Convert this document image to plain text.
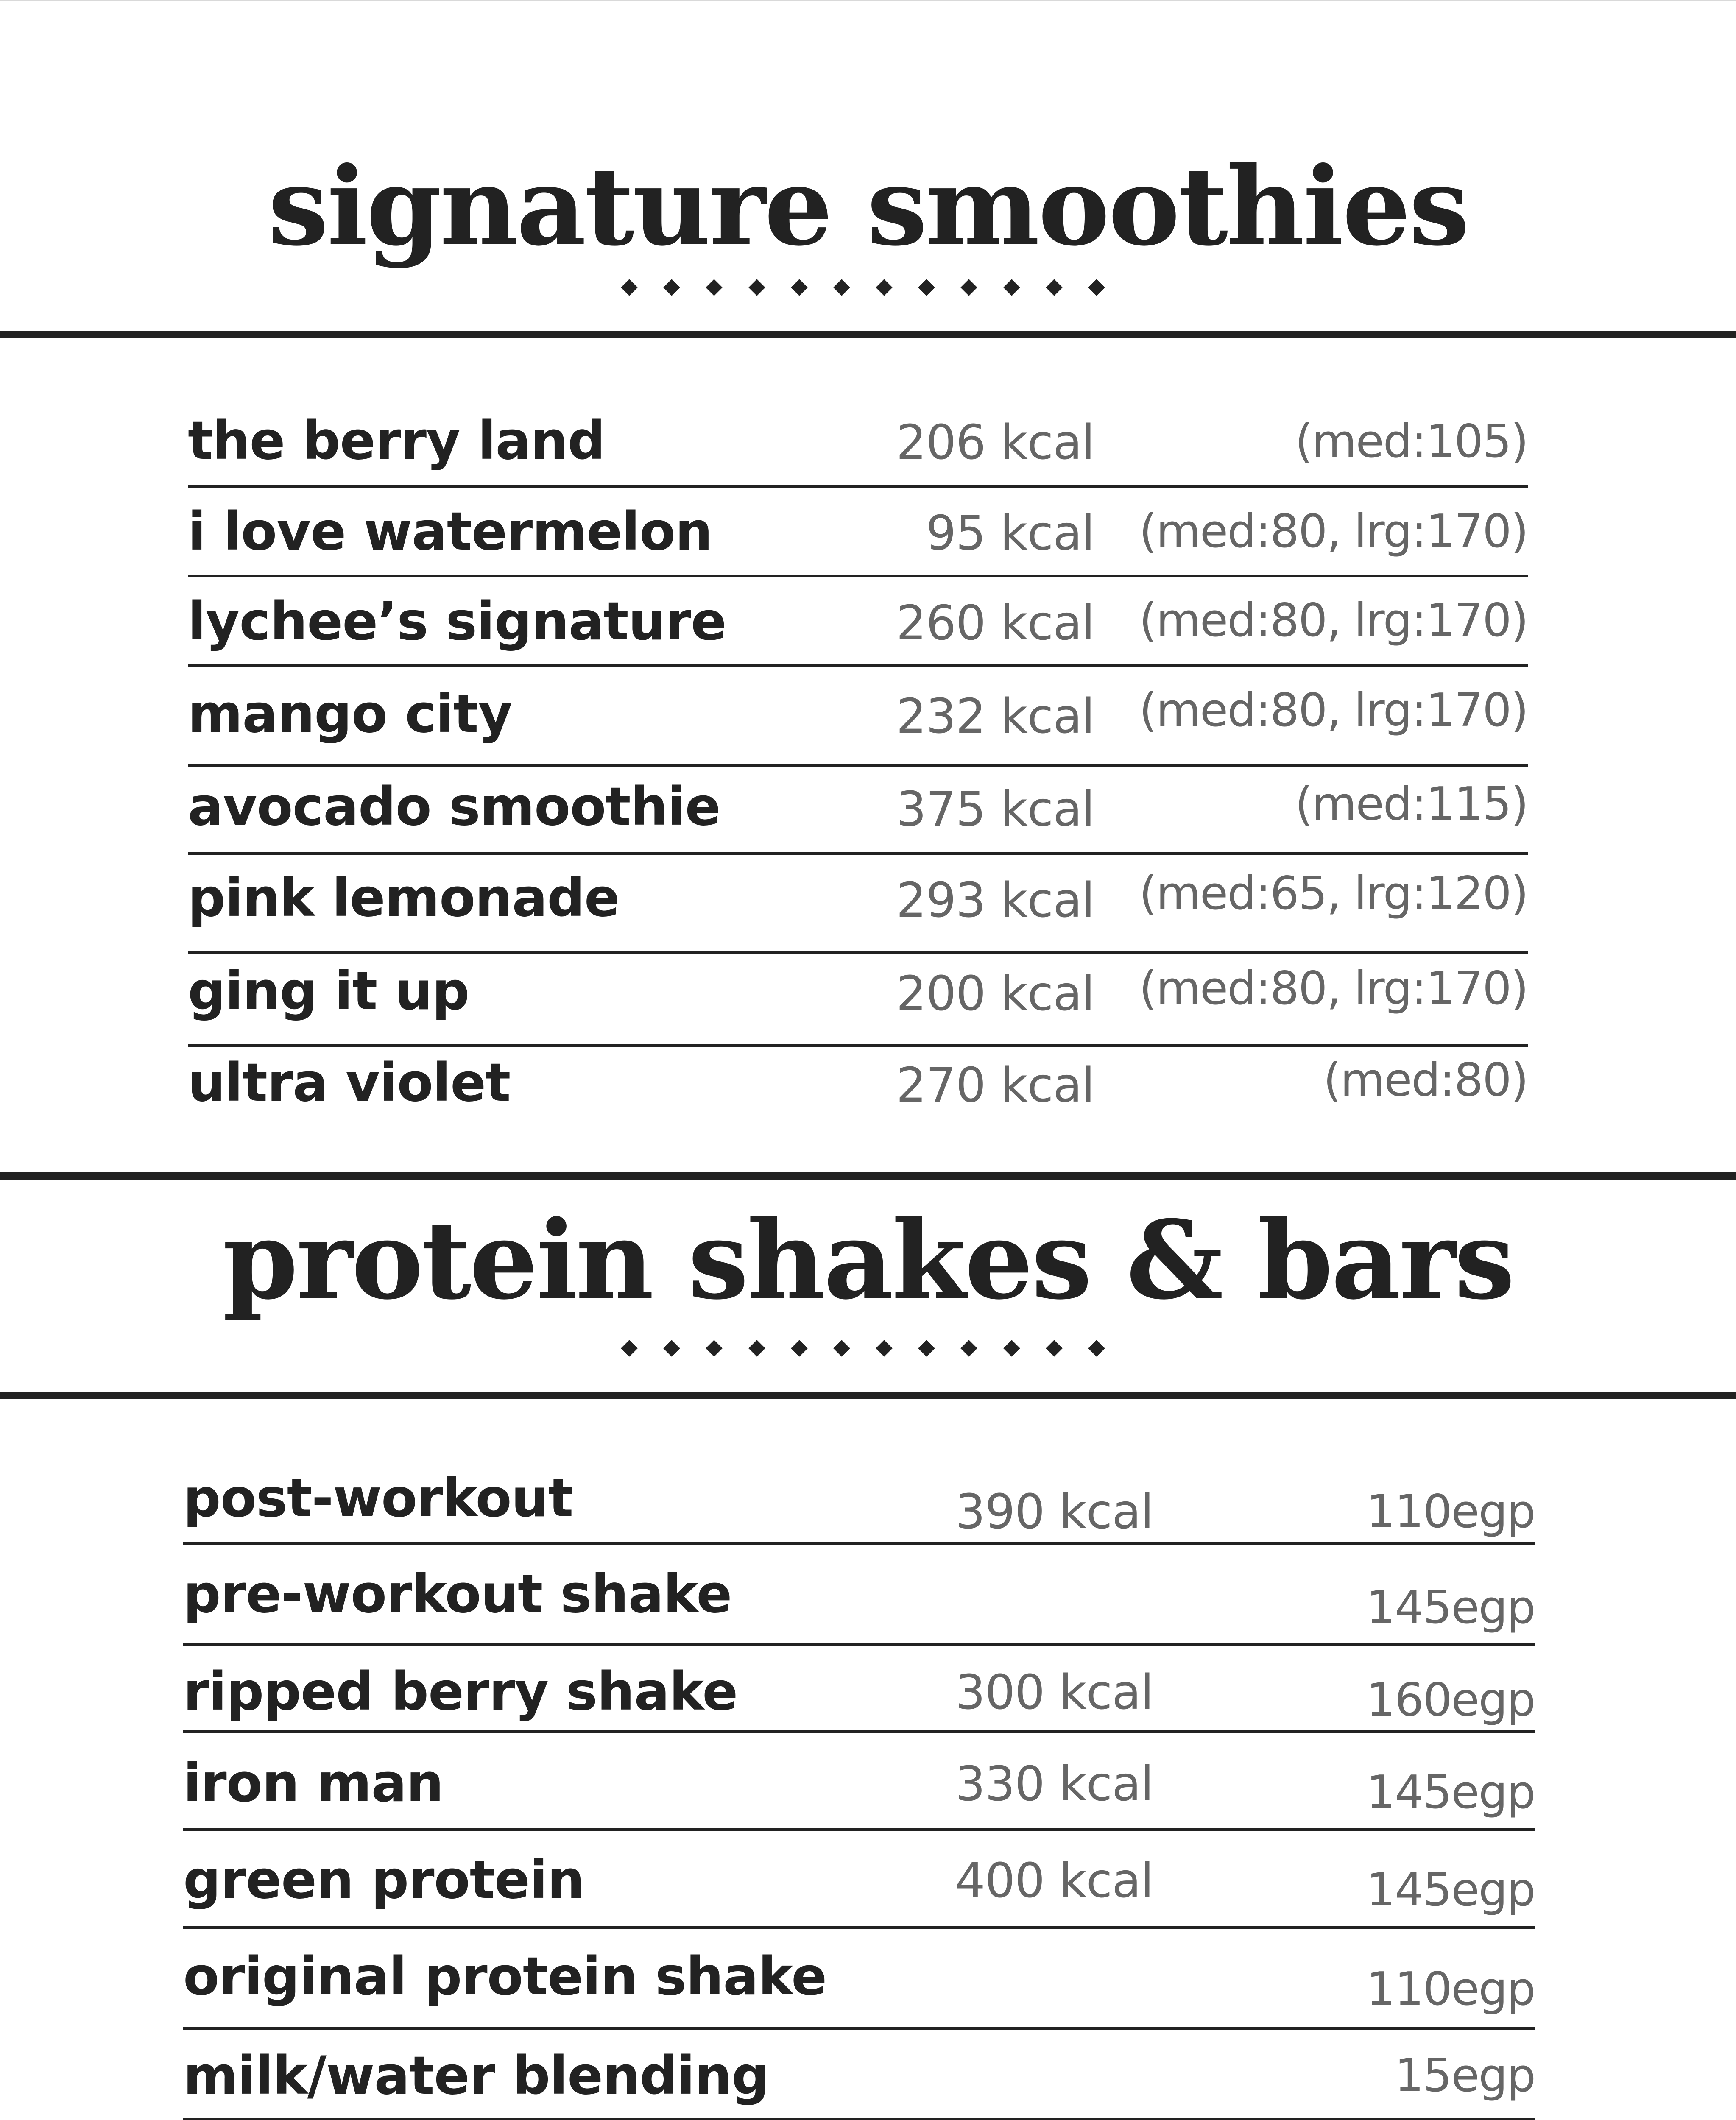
signature smoothies
the berry land	206 kcal	(med:105)
i love watermelon	95 kcal (med:80, lrg:170)
lychee’s signature	260 kcal (med:80, lrg:170)
mango city	232 kcal (med:80, lrg:170)
avocado smoothie	375 kcal	(med:115)
pink lemonade	293 kcal (med:65, lrg:120)
ging it up	200 kcal (med:80, lrg:170)
ultra violet	270 kcal	(med:80)
protein shakes & bars
post-workout	390 kcal	110egp
pre-workout shake	145egp
ripped berry shake	300 kcal	160egp
iron man	330 kcal	145egp
green protein	400 kcal	145egp
original protein shake	110egp
milk/water blending	15egp
